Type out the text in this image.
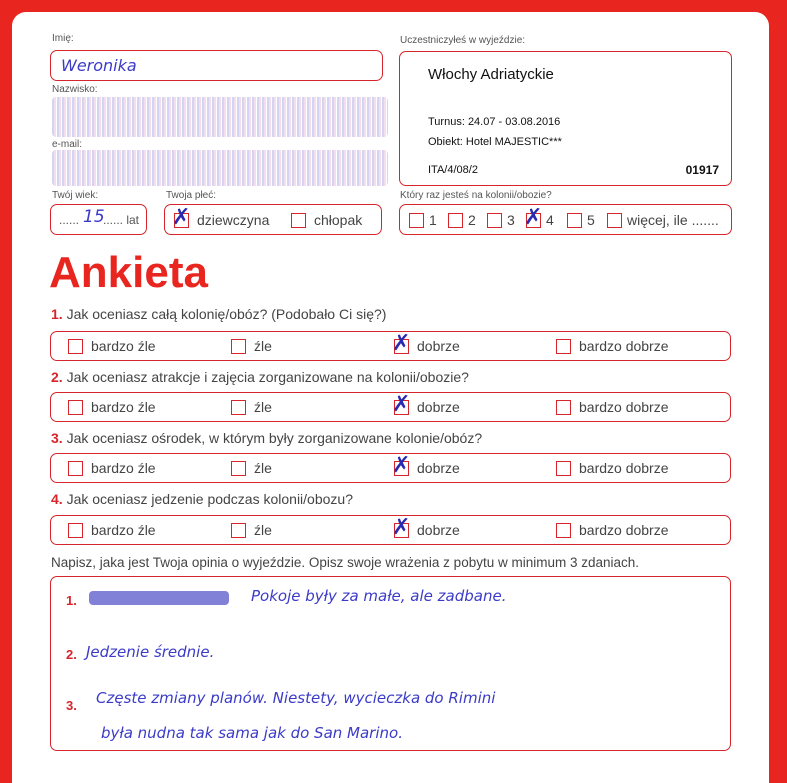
Imię:
Weronika
Nazwisko:
e-mail:
Uczestniczyłeś w wyjeździe:
Włochy Adriatyckie
Turnus: 24.07 - 03.08.2016
Obiekt: Hotel MAJESTIC***
ITA/4/08/2	01917
Twój wiek:
...... 15
...... lat
Twoja płeć:
✗
dziewczyna	chłopak
Który raz jesteś na kolonii/obozie?
1 2 3 ✗ 4 5 więcej, ile .......
Ankieta
1. Jak oceniasz całą kolonię/obóz? (Podobało Ci się?)
bardzo źle	źle ✗	dobrze	bardzo dobrze
2. Jak oceniasz atrakcje i zajęcia zorganizowane na kolonii/obozie?
bardzo źle	źle ✗	dobrze	bardzo dobrze
3. Jak oceniasz ośrodek, w którym były zorganizowane kolonie/obóz?
bardzo źle	źle ✗	dobrze	bardzo dobrze
4. Jak oceniasz jedzenie podczas kolonii/obozu?
bardzo źle	źle ✗	dobrze	bardzo dobrze
Napisz, jaka jest Twoja opinia o wyjeździe. Opisz swoje wrażenia z pobytu w minimum 3 zdaniach.
1.	Pokoje były za małe, ale zadbane.
2. Jedzenie średnie.
3. Częste zmiany planów. Niestety, wycieczka do Rimini
była nudna tak sama jak do San Marino.
